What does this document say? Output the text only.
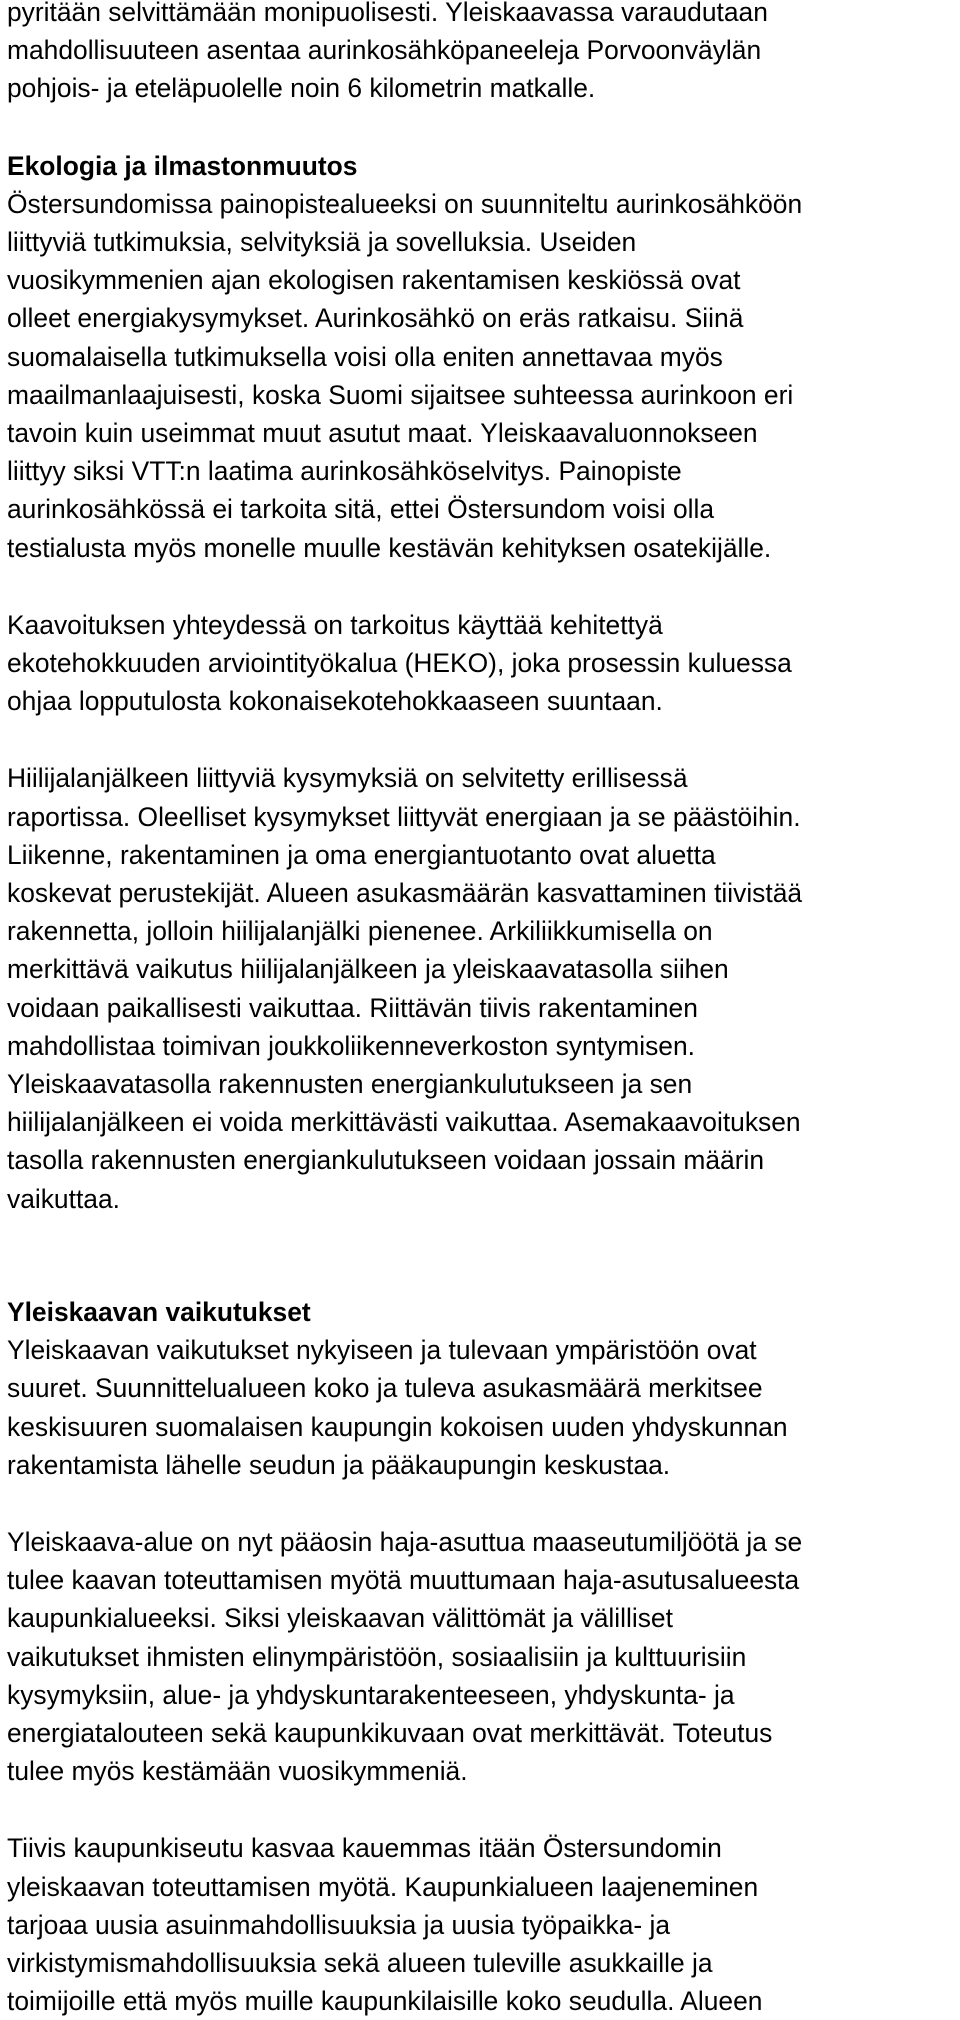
pyritään selvittämään monipuolisesti. Yleiskaavassa varaudutaan
mahdollisuuteen asentaa aurinkosähköpaneeleja Porvoonväylän
pohjois- ja eteläpuolelle noin 6 kilometrin matkalle.
Ekologia ja ilmastonmuutos
Östersundomissa painopistealueeksi on suunniteltu aurinkosähköön
liittyviä tutkimuksia, selvityksiä ja sovelluksia. Useiden
vuosikymmenien ajan ekologisen rakentamisen keskiössä ovat
olleet energiakysymykset. Aurinkosähkö on eräs ratkaisu. Siinä
suomalaisella tutkimuksella voisi olla eniten annettavaa myös
maailmanlaajuisesti, koska Suomi sijaitsee suhteessa aurinkoon eri
tavoin kuin useimmat muut asutut maat. Yleiskaavaluonnokseen
liittyy siksi VTT:n laatima aurinkosähköselvitys. Painopiste
aurinkosähkössä ei tarkoita sitä, ettei Östersundom voisi olla
testialusta myös monelle muulle kestävän kehityksen osatekijälle.
Kaavoituksen yhteydessä on tarkoitus käyttää kehitettyä
ekotehokkuuden arviointityökalua (HEKO), joka prosessin kuluessa
ohjaa lopputulosta kokonaisekotehokkaaseen suuntaan.
Hiilijalanjälkeen liittyviä kysymyksiä on selvitetty erillisessä
raportissa. Oleelliset kysymykset liittyvät energiaan ja se päästöihin.
Liikenne, rakentaminen ja oma energiantuotanto ovat aluetta
koskevat perustekijät. Alueen asukasmäärän kasvattaminen tiivistää
rakennetta, jolloin hiilijalanjälki pienenee. Arkiliikkumisella on
merkittävä vaikutus hiilijalanjälkeen ja yleiskaavatasolla siihen
voidaan paikallisesti vaikuttaa. Riittävän tiivis rakentaminen
mahdollistaa toimivan joukkoliikenneverkoston syntymisen.
Yleiskaavatasolla rakennusten energiankulutukseen ja sen
hiilijalanjälkeen ei voida merkittävästi vaikuttaa. Asemakaavoituksen
tasolla rakennusten energiankulutukseen voidaan jossain määrin
vaikuttaa.
Yleiskaavan vaikutukset
Yleiskaavan vaikutukset nykyiseen ja tulevaan ympäristöön ovat
suuret. Suunnittelualueen koko ja tuleva asukasmäärä merkitsee
keskisuuren suomalaisen kaupungin kokoisen uuden yhdyskunnan
rakentamista lähelle seudun ja pääkaupungin keskustaa.
Yleiskaava-alue on nyt pääosin haja-asuttua maaseutumiljöötä ja se
tulee kaavan toteuttamisen myötä muuttumaan haja-asutusalueesta
kaupunkialueeksi. Siksi yleiskaavan välittömät ja välilliset
vaikutukset ihmisten elinympäristöön, sosiaalisiin ja kulttuurisiin
kysymyksiin, alue- ja yhdyskuntarakenteeseen, yhdyskunta- ja
energiatalouteen sekä kaupunkikuvaan ovat merkittävät. Toteutus
tulee myös kestämään vuosikymmeniä.
Tiivis kaupunkiseutu kasvaa kauemmas itään Östersundomin
yleiskaavan toteuttamisen myötä. Kaupunkialueen laajeneminen
tarjoaa uusia asuinmahdollisuuksia ja uusia työpaikka- ja
virkistymismahdollisuuksia sekä alueen tuleville asukkaille ja
toimijoille että myös muille kaupunkilaisille koko seudulla. Alueen
